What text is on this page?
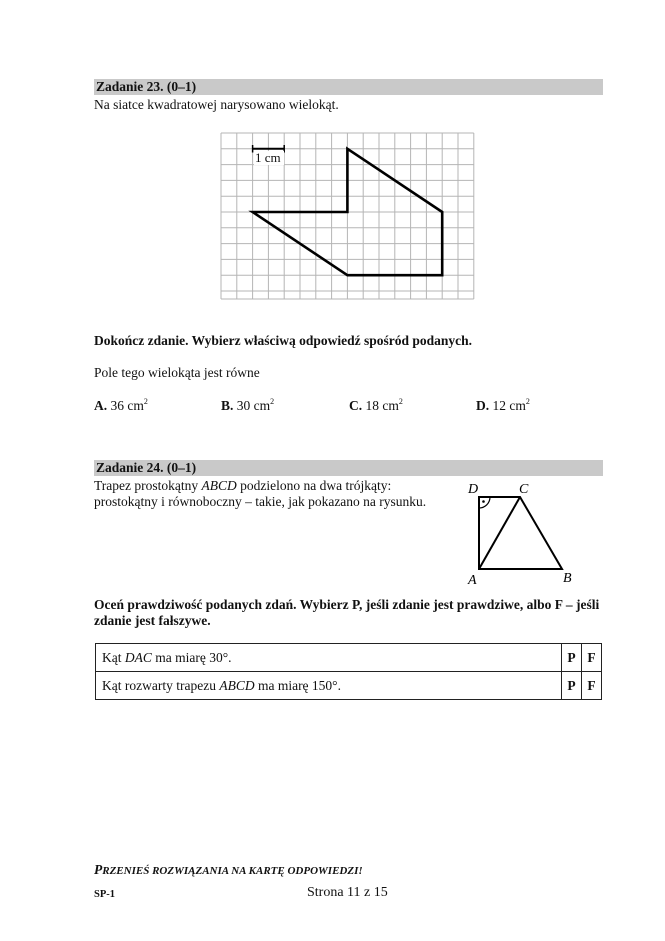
Zadanie 23. (0–1)
Na siatce kwadratowej narysowano wielokąt.
1 cm
Dokończ zdanie. Wybierz właściwą odpowiedź spośród podanych.
Pole tego wielokąta jest równe
A. 36 $cm^2$	B. 30 $cm^2$	C. 18 $cm^2$	D. 12 $cm^2$
Zadanie 24. (0–1)
Trapez prostokątny ABCD podzielono na dwa trójkąty:
prostokątny i równoboczny – takie, jak pokazano na rysunku.
D	C
A	B
Oceń prawdziwość podanych zdań. Wybierz P, jeśli zdanie jest prawdziwe, albo F – jeśli
zdanie jest fałszywe.
Kąt DAC ma miarę 30°.	P	F
Kąt rozwarty trapezu ABCD ma miarę 150°.	P	F
PRZENIEŚ ROZWIĄZANIA NA KARTĘ ODPOWIEDZI!
SP-1	Strona 11 z 15
